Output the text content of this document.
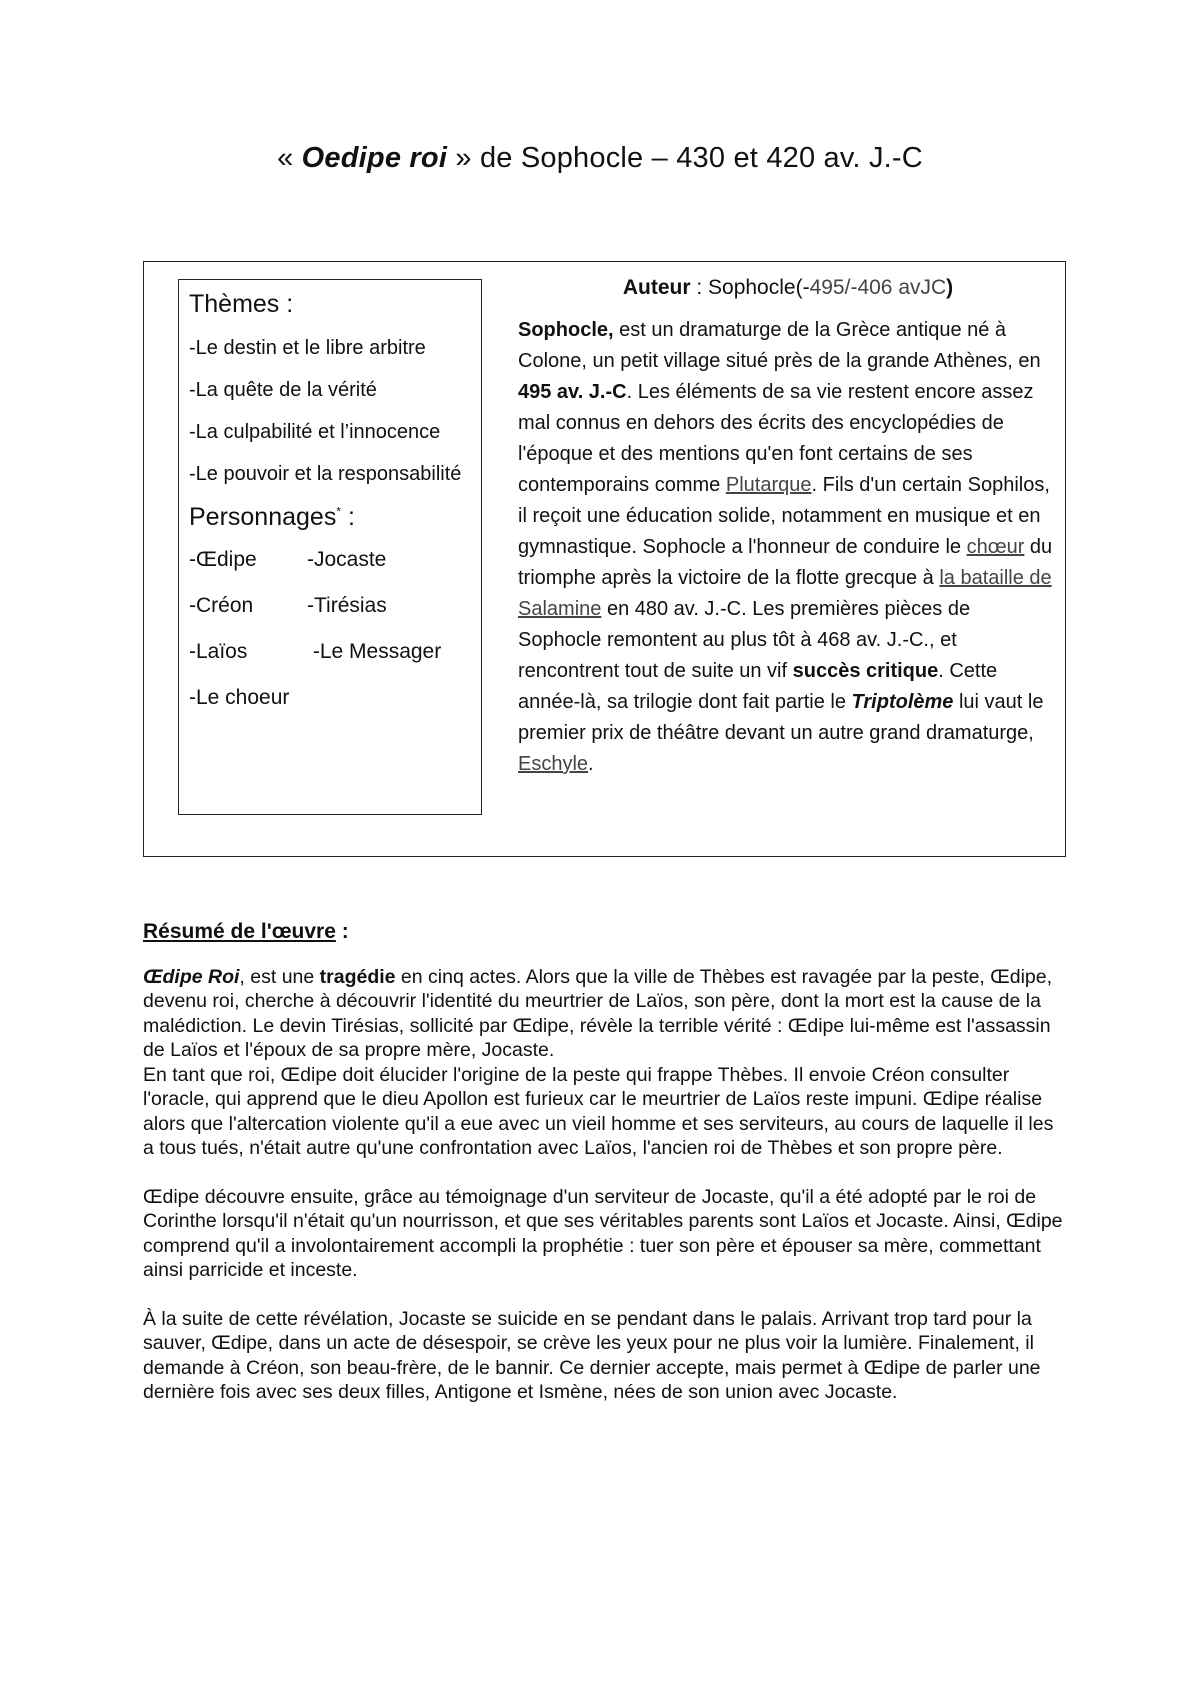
« Oedipe roi » de Sophocle – 430 et 420 av. J.-C
Thèmes :
-Le destin et le libre arbitre
-La quête de la vérité
-La culpabilité et l’innocence
-Le pouvoir et la responsabilité
Personnages* :
-Œdipe	-Jocaste
-Créon	-Tirésias
-Laïos	-Le Messager
-Le choeur
Auteur : Sophocle(-495/-406 avJC)
Sophocle, est un dramaturge de la Grèce antique né à Colone, un petit village situé près de la grande Athènes, en 495 av. J.-C. Les éléments de sa vie restent encore assez mal connus en dehors des écrits des encyclopédies de l'époque et des mentions qu'en font certains de ses contemporains comme Plutarque. Fils d'un certain Sophilos, il reçoit une éducation solide, notamment en musique et en gymnastique. Sophocle a l'honneur de conduire le chœur du triomphe après la victoire de la flotte grecque à la bataille de Salamine en 480 av. J.-C. Les premières pièces de Sophocle remontent au plus tôt à 468 av. J.-C., et rencontrent tout de suite un vif succès critique. Cette année-là, sa trilogie dont fait partie le Triptolème lui vaut le premier prix de théâtre devant un autre grand dramaturge, Eschyle.
Résumé de l'œuvre :

Œdipe Roi, est une tragédie en cinq actes. Alors que la ville de Thèbes est ravagée par la peste, Œdipe, devenu roi, cherche à découvrir l'identité du meurtrier de Laïos, son père, dont la mort est la cause de la malédiction. Le devin Tirésias, sollicité par Œdipe, révèle la terrible vérité : Œdipe lui-même est l'assassin de Laïos et l'époux de sa propre mère, Jocaste.

En tant que roi, Œdipe doit élucider l'origine de la peste qui frappe Thèbes. Il envoie Créon consulter l'oracle, qui apprend que le dieu Apollon est furieux car le meurtrier de Laïos reste impuni. Œdipe réalise alors que l'altercation violente qu'il a eue avec un vieil homme et ses serviteurs, au cours de laquelle il les a tous tués, n'était autre qu'une confrontation avec Laïos, l'ancien roi de Thèbes et son propre père.

Œdipe découvre ensuite, grâce au témoignage d'un serviteur de Jocaste, qu'il a été adopté par le roi de Corinthe lorsqu'il n'était qu'un nourrisson, et que ses véritables parents sont Laïos et Jocaste. Ainsi, Œdipe comprend qu'il a involontairement accompli la prophétie : tuer son père et épouser sa mère, commettant ainsi parricide et inceste.

À la suite de cette révélation, Jocaste se suicide en se pendant dans le palais. Arrivant trop tard pour la sauver, Œdipe, dans un acte de désespoir, se crève les yeux pour ne plus voir la lumière. Finalement, il demande à Créon, son beau-frère, de le bannir. Ce dernier accepte, mais permet à Œdipe de parler une dernière fois avec ses deux filles, Antigone et Ismène, nées de son union avec Jocaste.
